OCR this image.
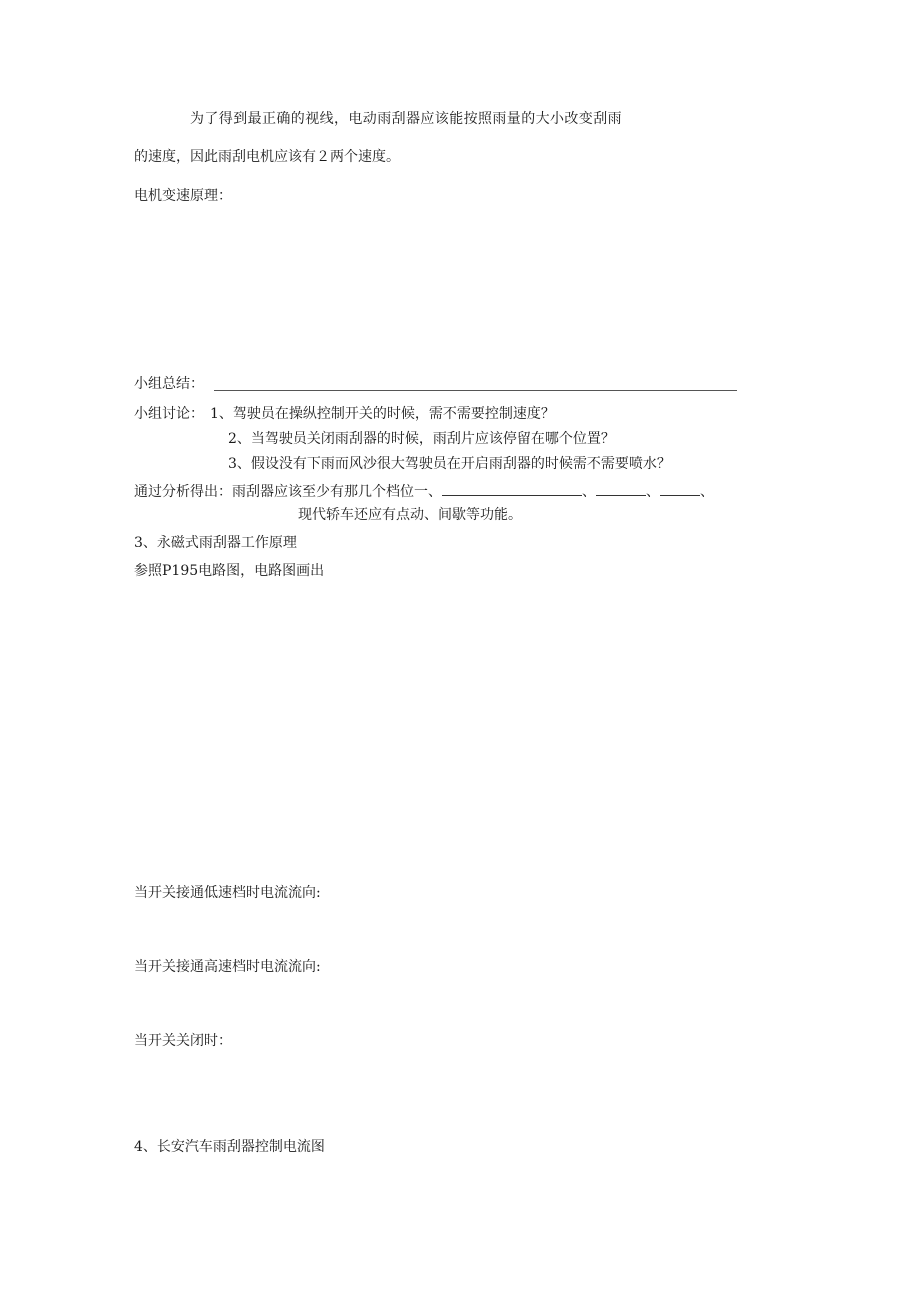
为了得到最正确的视线，电动雨刮器应该能按照雨量的大小改变刮雨
的速度，因此雨刮电机应该有２两个速度。
电机变速原理：
小组总结：
小组讨论： 1、驾驶员在操纵控制开关的时候，需不需要控制速度？
2、当驾驶员关闭雨刮器的时候，雨刮片应该停留在哪个位置？
3、假设没有下雨而风沙很大驾驶员在开启雨刮器的时候需不需要喷水？
通过分析得出：雨刮器应该至少有那几个档位一、	、	、	、
现代轿车还应有点动、间歇等功能。
3、永磁式雨刮器工作原理
参照P195电路图，电路图画出
当开关接通低速档时电流流向:
当开关接通高速档时电流流向:
当开关关闭时：
4、长安汽车雨刮器控制电流图
